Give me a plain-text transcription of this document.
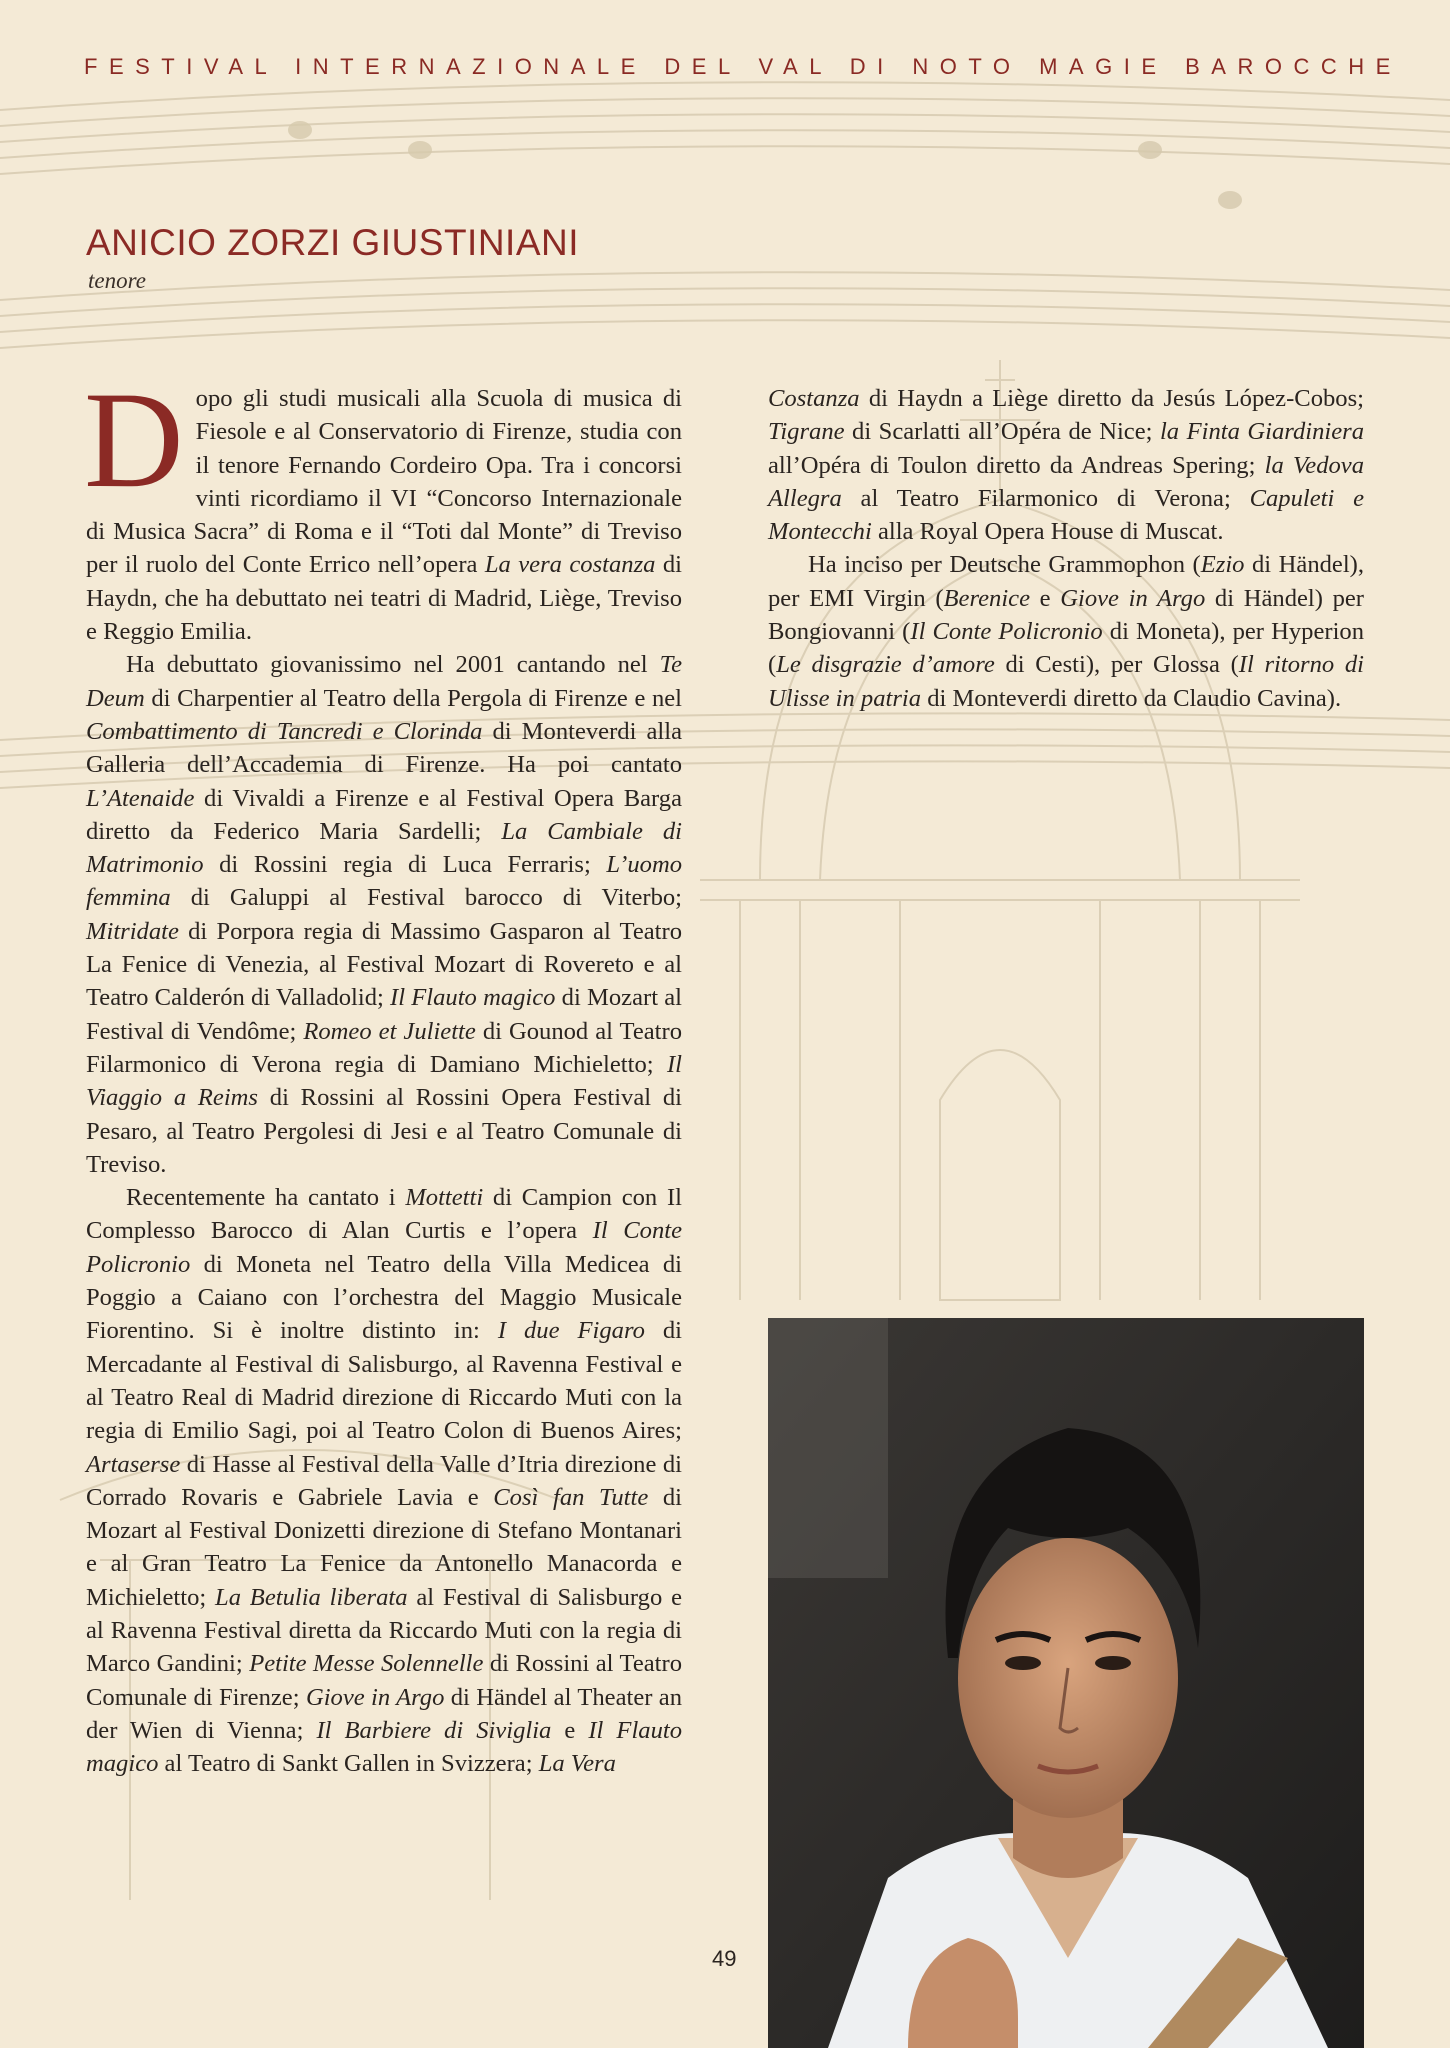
FESTIVAL INTERNAZIONALE DEL VAL DI NOTO MAGIE BAROCCHE
ANICIO ZORZI GIUSTINIANI
tenore
D opo gli studi musicali alla Scuola di musica di Fiesole e al Conservatorio di Firenze, studia con il tenore Fernando Cordeiro Opa. Tra i concorsi vinti ricordiamo il VI “Concorso Internazionale di Musica Sacra” di Roma e il “Toti dal Monte” di Treviso per il ruolo del Conte Errico nell’opera La vera costanza di Haydn, che ha debuttato nei teatri di Madrid, Liège, Treviso e Reggio Emilia.

Ha debuttato giovanissimo nel 2001 cantando nel Te Deum di Charpentier al Teatro della Pergola di Firenze e nel Combattimento di Tancredi e Clorinda di Monteverdi alla Galleria dell’Accademia di Firenze. Ha poi cantato L’Atenaide di Vivaldi a Firenze e al Festival Opera Barga diretto da Federico Maria Sardelli; La Cambiale di Matrimonio di Rossini regia di Luca Ferraris; L’uomo femmina di Galuppi al Festival barocco di Viterbo; Mitridate di Porpora regia di Massimo Gasparon al Teatro La Fenice di Venezia, al Festival Mozart di Rovereto e al Teatro Calderón di Valladolid; Il Flauto magico di Mozart al Festival di Vendôme; Romeo et Juliette di Gounod al Teatro Filarmonico di Verona regia di Damiano Michieletto; Il Viaggio a Reims di Rossini al Rossini Opera Festival di Pesaro, al Teatro Pergolesi di Jesi e al Teatro Comunale di Treviso.

Recentemente ha cantato i Mottetti di Campion con Il Complesso Barocco di Alan Curtis e l’opera Il Conte Policronio di Moneta nel Teatro della Villa Medicea di Poggio a Caiano con l’orchestra del Maggio Musicale Fiorentino. Si è inoltre distinto in: I due Figaro di Mercadante al Festival di Salisburgo, al Ravenna Festival e al Teatro Real di Madrid direzione di Riccardo Muti con la regia di Emilio Sagi, poi al Teatro Colon di Buenos Aires; Artaserse di Hasse al Festival della Valle d’Itria direzione di Corrado Rovaris e Gabriele Lavia e Così fan Tutte di Mozart al Festival Donizetti direzione di Stefano Montanari e al Gran Teatro La Fenice da Antonello Manacorda e Michieletto; La Betulia liberata al Festival di Salisburgo e al Ravenna Festival diretta da Riccardo Muti con la regia di Marco Gandini; Petite Messe Solennelle di Rossini al Teatro Comunale di Firenze; Giove in Argo di Händel al Theater an der Wien di Vienna; Il Barbiere di Siviglia e Il Flauto magico al Teatro di Sankt Gallen in Svizzera; La Vera

Costanza di Haydn a Liège diretto da Jesús López-Cobos; Tigrane di Scarlatti all’Opéra de Nice; la Finta Giardiniera all’Opéra di Toulon diretto da Andreas Spering; la Vedova Allegra al Teatro Filarmonico di Verona; Capuleti e Montecchi alla Royal Opera House di Muscat.

Ha inciso per Deutsche Grammophon (Ezio di Händel), per EMI Virgin (Berenice e Giove in Argo di Händel) per Bongiovanni (Il Conte Policronio di Moneta), per Hyperion (Le disgrazie d’amore di Cesti), per Glossa (Il ritorno di Ulisse in patria di Monteverdi diretto da Claudio Cavina).

49
